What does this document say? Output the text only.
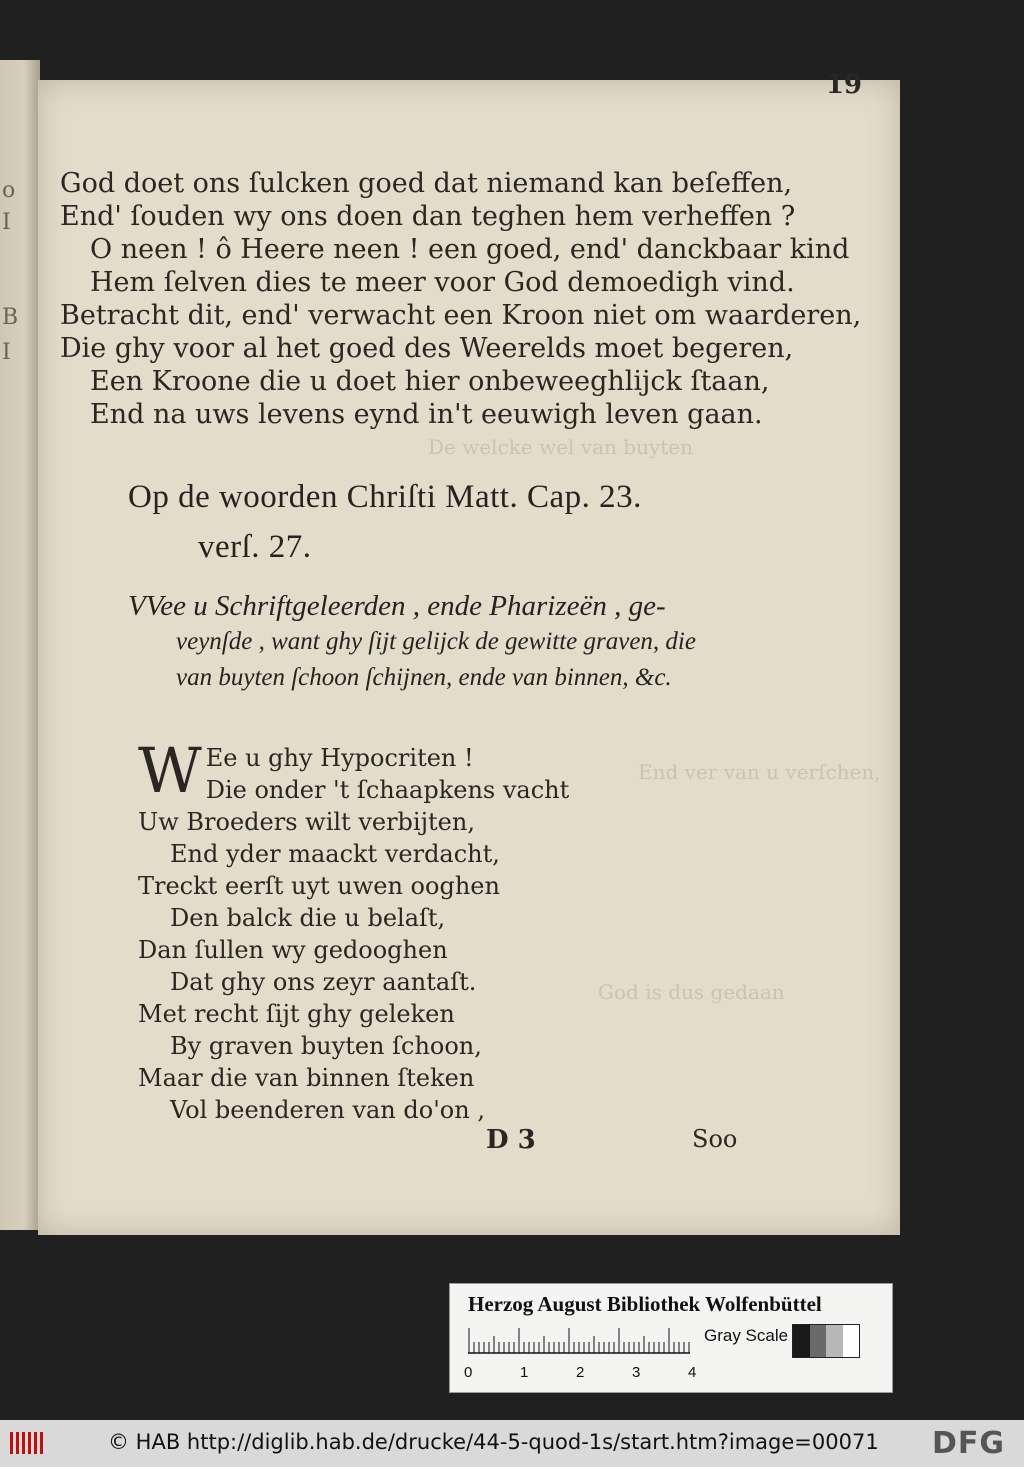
o
I
B
I
De welcke wel van buyten
End ver van u verſchen,
God is dus gedaan
19
God doet ons ſulcken goed dat niemand kan beſeffen,
End' ſouden wy ons doen dan teghen hem verheffen ?
O neen ! ô Heere neen ! een goed, end' danckbaar kind
Hem ſelven dies te meer voor God demoedigh vind.
Betracht dit, end' verwacht een Kroon niet om waarderen,
Die ghy voor al het goed des Weerelds moet begeren,
Een Kroone die u doet hier onbeweeghlijck ſtaan,
End na uws levens eynd in't eeuwigh leven gaan.
Op de woorden Chriſti Matt. Cap. 23.
verſ. 27.
VVee u Schriftgeleerden , ende Pharizeën , ge-
veynſde , want ghy ſijt gelijck de gewitte graven, die
van buyten ſchoon ſchijnen, ende van binnen, &c.
W Ee u ghy Hypocriten !
Die onder 't ſchaapkens vacht
Uw Broeders wilt verbijten,
End yder maackt verdacht,
Treckt eerſt uyt uwen ooghen
Den balck die u belaſt,
Dan ſullen wy gedooghen
Dat ghy ons zeyr aantaſt.
Met recht ſijt ghy geleken
By graven buyten ſchoon,
Maar die van binnen ſteken
Vol beenderen van do'on ,
D 3	Soo
Herzog August Bibliothek Wolfenbüttel
0	1	2	3	4
Gray Scale
© HAB http://diglib.hab.de/drucke/44-5-quod-1s/start.htm?image=00071 DFG
